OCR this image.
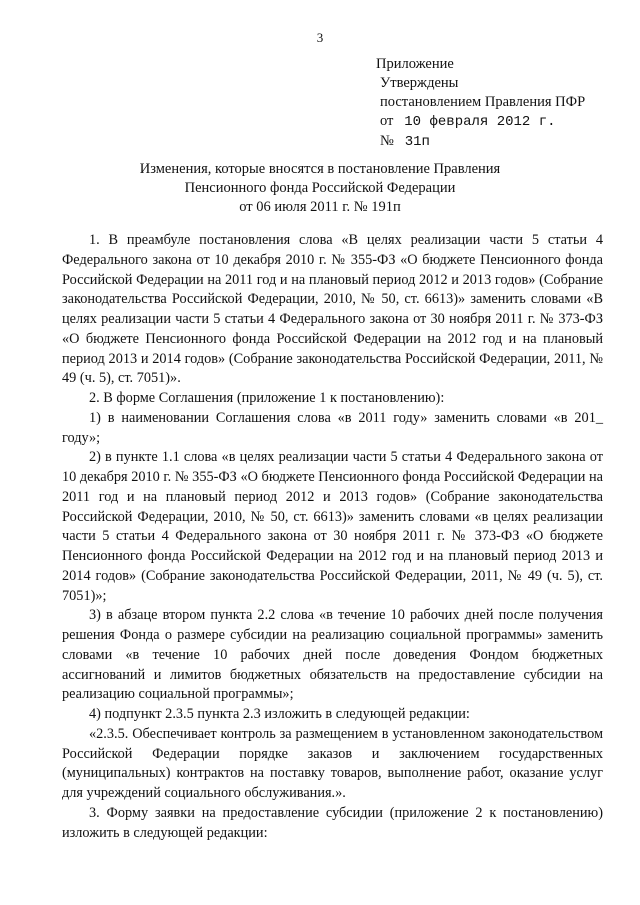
3
Приложение
Утверждены
постановлением Правления ПФР
от 10 февраля 2012 г.
№ 31п
Изменения, которые вносятся в постановление Правления
Пенсионного фонда Российской Федерации
от 06 июля 2011 г. № 191п

1. В преамбуле постановления слова «В целях реализации части 5 статьи 4 Федерального закона от 10 декабря 2010 г. № 355-ФЗ «О бюджете Пенсионного фонда Российской Федерации на 2011 год и на плановый период 2012 и 2013 годов» (Собрание законодательства Российской Федерации, 2010, № 50, ст. 6613)» заменить словами «В целях реализации части 5 статьи 4 Федерального закона от 30 ноября 2011 г. № 373-ФЗ «О бюджете Пенсионного фонда Российской Федерации на 2012 год и на плановый период 2013 и 2014 годов» (Собрание законодательства Российской Федерации, 2011, № 49 (ч. 5), ст. 7051)».

2. В форме Соглашения (приложение 1 к постановлению):

1) в наименовании Соглашения слова «в 2011 году» заменить словами «в 201_ году»;

2) в пункте 1.1 слова «в целях реализации части 5 статьи 4 Федерального закона от 10 декабря 2010 г. № 355-ФЗ «О бюджете Пенсионного фонда Российской Федерации на 2011 год и на плановый период 2012 и 2013 годов» (Собрание законодательства Российской Федерации, 2010, № 50, ст. 6613)» заменить словами «в целях реализации части 5 статьи 4 Федерального закона от 30 ноября 2011 г. № 373-ФЗ «О бюджете Пенсионного фонда Российской Федерации на 2012 год и на плановый период 2013 и 2014 годов» (Собрание законодательства Российской Федерации, 2011, № 49 (ч. 5), ст. 7051)»;

3) в абзаце втором пункта 2.2 слова «в течение 10 рабочих дней после получения решения Фонда о размере субсидии на реализацию социальной программы» заменить словами «в течение 10 рабочих дней после доведения Фондом бюджетных ассигнований и лимитов бюджетных обязательств на предоставление субсидии на реализацию социальной программы»;

4) подпункт 2.3.5 пункта 2.3 изложить в следующей редакции:

«2.3.5. Обеспечивает контроль за размещением в установленном законодательством Российской Федерации порядке заказов и заключением государственных (муниципальных) контрактов на поставку товаров, выполнение работ, оказание услуг для учреждений социального обслуживания.».

3. Форму заявки на предоставление субсидии (приложение 2 к постановлению) изложить в следующей редакции:
